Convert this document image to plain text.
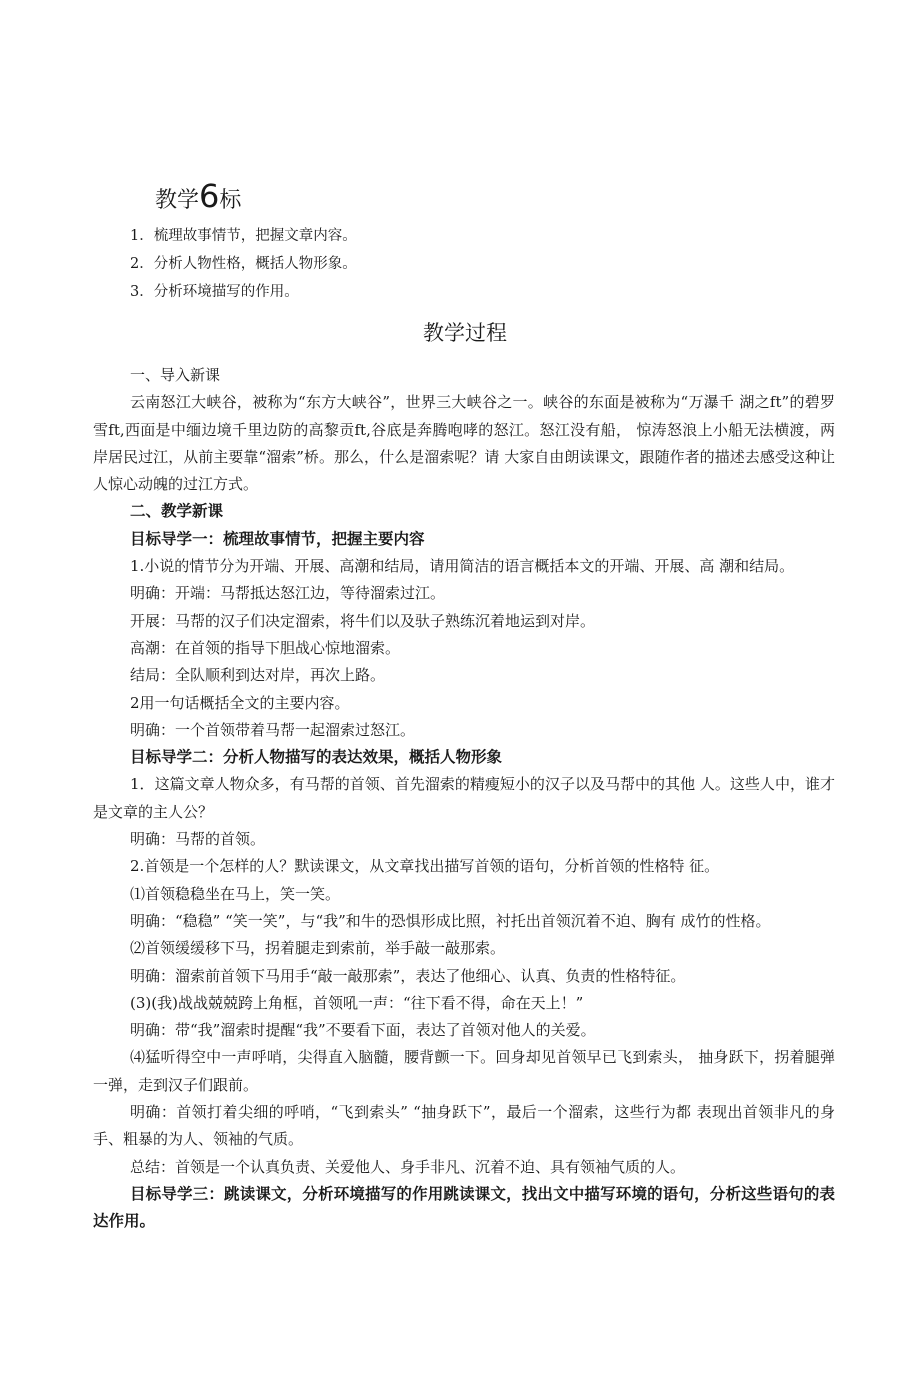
教学6标
1．梳理故事情节，把握文章内容。
2．分析人物性格，概括人物形象。
3．分析环境描写的作用。
教学过程

一、导入新课

云南怒江大峡谷，被称为“东方大峡谷”，世界三大峡谷之一。峡谷的东面是被称为“万瀑千 湖之ft”的碧罗雪ft,西面是中缅边境千里边防的高黎贡ft,谷底是奔腾咆哮的怒江。怒江没有船， 惊涛怒浪上小船无法横渡，两岸居民过江，从前主要靠“溜索”桥。那么，什么是溜索呢？请 大家自由朗读课文，跟随作者的描述去感受这种让人惊心动魄的过江方式。

二、教学新课

目标导学一：梳理故事情节，把握主要内容

1.小说的情节分为开端、开展、高潮和结局，请用简洁的语言概括本文的开端、开展、高 潮和结局。

明确：开端：马帮抵达怒江边，等待溜索过江。

开展：马帮的汉子们决定溜索，将牛们以及驮子熟练沉着地运到对岸。

高潮：在首领的指导下胆战心惊地溜索。

结局：全队顺利到达对岸，再次上路。

2用一句话概括全文的主要内容。

明确：一个首领带着马帮一起溜索过怒江。

目标导学二：分析人物描写的表达效果，概括人物形象

1．这篇文章人物众多，有马帮的首领、首先溜索的精瘦短小的汉子以及马帮中的其他 人。这些人中，谁才是文章的主人公？

明确：马帮的首领。

2.首领是一个怎样的人？默读课文，从文章找出描写首领的语句，分析首领的性格特 征。

⑴首领稳稳坐在马上，笑一笑。

明确：“稳稳” “笑一笑”，与“我”和牛的恐惧形成比照，衬托出首领沉着不迫、胸有 成竹的性格。

⑵首领缓缓移下马，拐着腿走到索前，举手敲一敲那索。

明确：溜索前首领下马用手“敲一敲那索”，表达了他细心、认真、负责的性格特征。

(3)(我)战战兢兢跨上角框，首领吼一声：“往下看不得，命在天上！”

明确：带“我”溜索时提醒“我”不要看下面，表达了首领对他人的关爱。

⑷猛听得空中一声呼哨，尖得直入脑髓，腰背颤一下。回身却见首领早已飞到索头， 抽身跃下，拐着腿弹一弹，走到汉子们跟前。

明确：首领打着尖细的呼哨，“飞到索头” “抽身跃下”，最后一个溜索，这些行为都 表现出首领非凡的身手、粗暴的为人、领袖的气质。

总结：首领是一个认真负责、关爱他人、身手非凡、沉着不迫、具有领袖气质的人。

目标导学三：跳读课文，分析环境描写的作用跳读课文，找出文中描写环境的语句，分析这些语句的表达作用。
